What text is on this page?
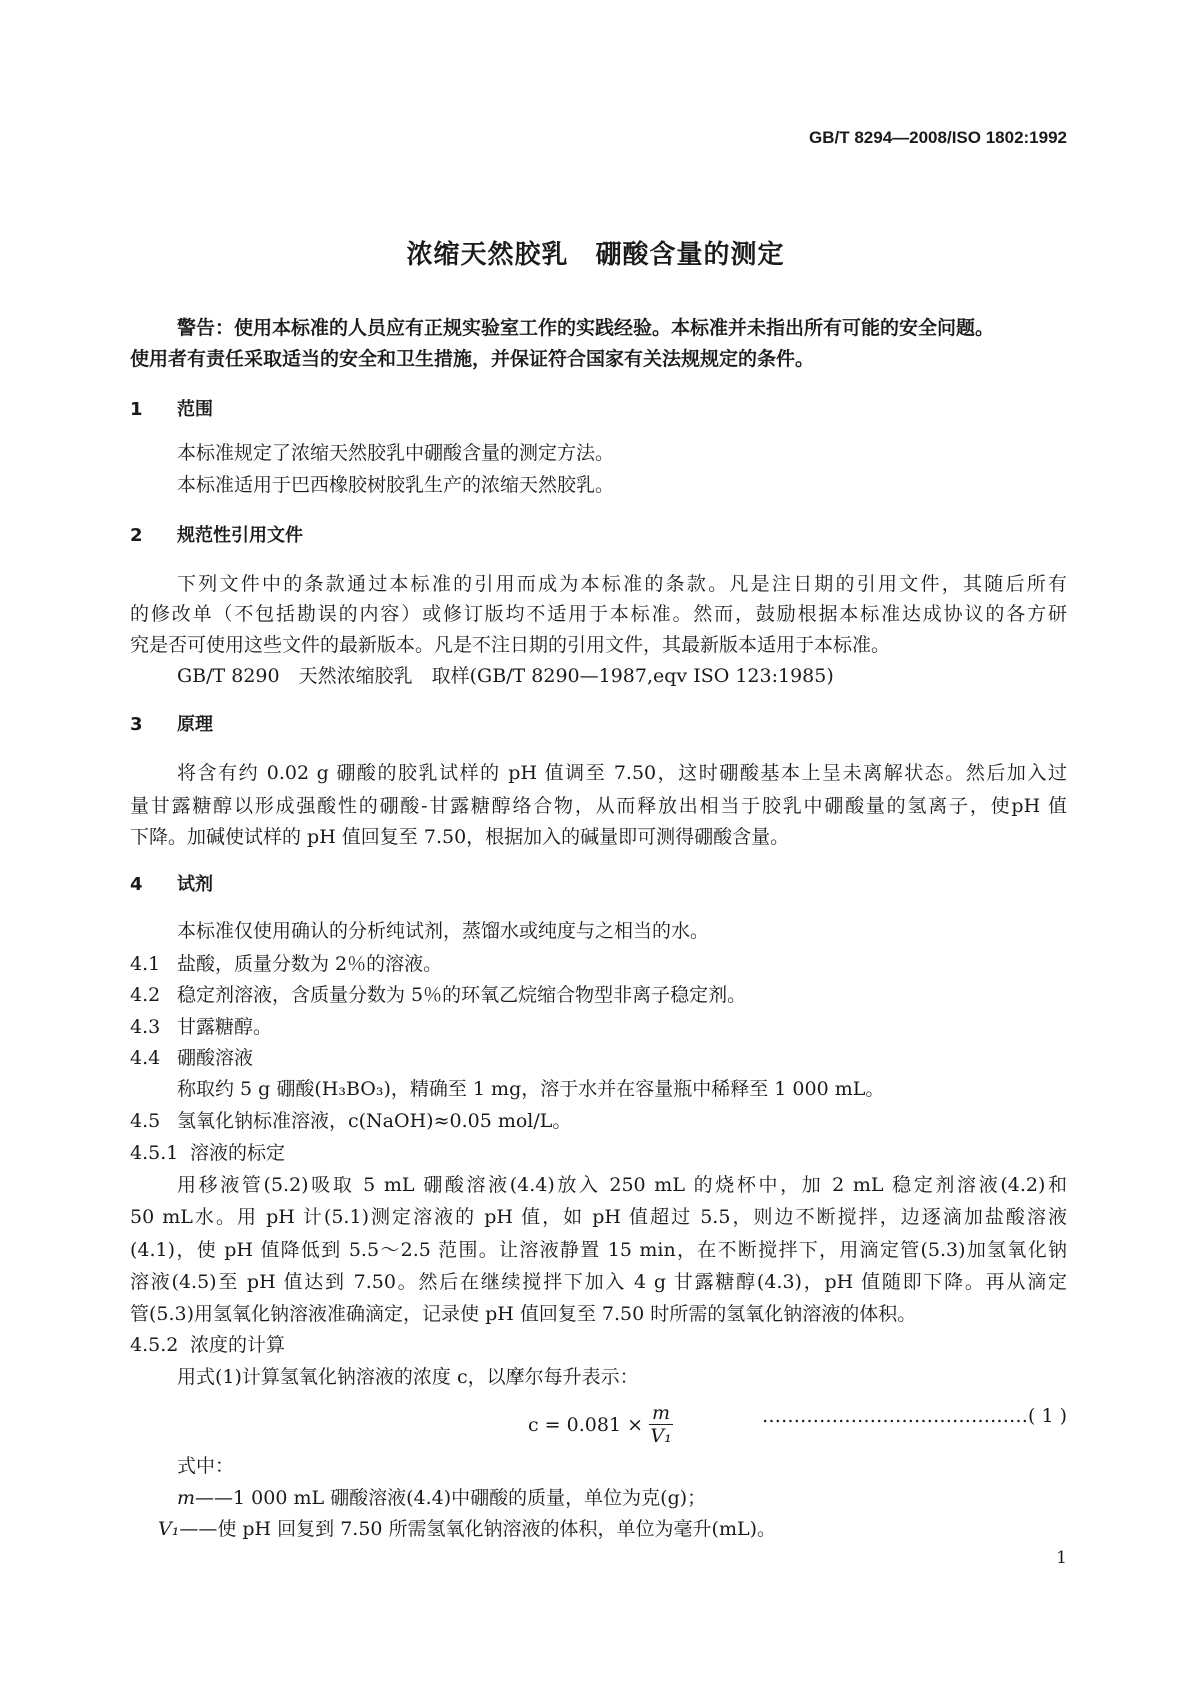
GB/T 8294—2008/ISO 1802:1992
浓缩天然胶乳　硼酸含量的测定
警告：使用本标准的人员应有正规实验室工作的实践经验。本标准并未指出所有可能的安全问题。
使用者有责任采取适当的安全和卫生措施，并保证符合国家有关法规规定的条件。
1 范围
本标准规定了浓缩天然胶乳中硼酸含量的测定方法。
本标准适用于巴西橡胶树胶乳生产的浓缩天然胶乳。
2 规范性引用文件
下列文件中的条款通过本标准的引用而成为本标准的条款。凡是注日期的引用文件，其随后所有
的修改单（不包括勘误的内容）或修订版均不适用于本标准。然而，鼓励根据本标准达成协议的各方研
究是否可使用这些文件的最新版本。凡是不注日期的引用文件，其最新版本适用于本标准。
GB/T 8290　天然浓缩胶乳　取样(GB/T 8290—1987,eqv ISO 123:1985)
3 原理
将含有约 0.02 g 硼酸的胶乳试样的 pH 值调至 7.50，这时硼酸基本上呈未离解状态。然后加入过
量甘露糖醇以形成强酸性的硼酸-甘露糖醇络合物，从而释放出相当于胶乳中硼酸量的氢离子，使pH 值
下降。加碱使试样的 pH 值回复至 7.50，根据加入的碱量即可测得硼酸含量。
4 试剂
本标准仅使用确认的分析纯试剂，蒸馏水或纯度与之相当的水。
4.1 盐酸，质量分数为 2％的溶液。
4.2 稳定剂溶液，含质量分数为 5％的环氧乙烷缩合物型非离子稳定剂。
4.3 甘露糖醇。
4.4 硼酸溶液
称取约 5 g 硼酸(H₃BO₃)，精确至 1 mg，溶于水并在容量瓶中稀释至 1 000 mL。
4.5 氢氧化钠标准溶液，c(NaOH)≈0.05 mol/L。
4.5.1 溶液的标定
用移液管(5.2)吸取 5 mL 硼酸溶液(4.4)放入 250 mL 的烧杯中，加 2 mL 稳定剂溶液(4.2)和
50 mL水。用 pH 计(5.1)测定溶液的 pH 值，如 pH 值超过 5.5，则边不断搅拌，边逐滴加盐酸溶液
(4.1)，使 pH 值降低到 5.5～2.5 范围。让溶液静置 15 min，在不断搅拌下，用滴定管(5.3)加氢氧化钠
溶液(4.5)至 pH 值达到 7.50。然后在继续搅拌下加入 4 g 甘露糖醇(4.3)，pH 值随即下降。再从滴定
管(5.3)用氢氧化钠溶液准确滴定，记录使 pH 值回复至 7.50 时所需的氢氧化钠溶液的体积。
4.5.2 浓度的计算
用式(1)计算氢氧化钠溶液的浓度 c，以摩尔每升表示：
$c = 0.081 \times \frac{m}{\text{V₁}}$	……………………………………( 1 )
式中：
m——1 000 mL 硼酸溶液(4.4)中硼酸的质量，单位为克(g)；
V₁——使 pH 回复到 7.50 所需氢氧化钠溶液的体积，单位为毫升(mL)。
1
